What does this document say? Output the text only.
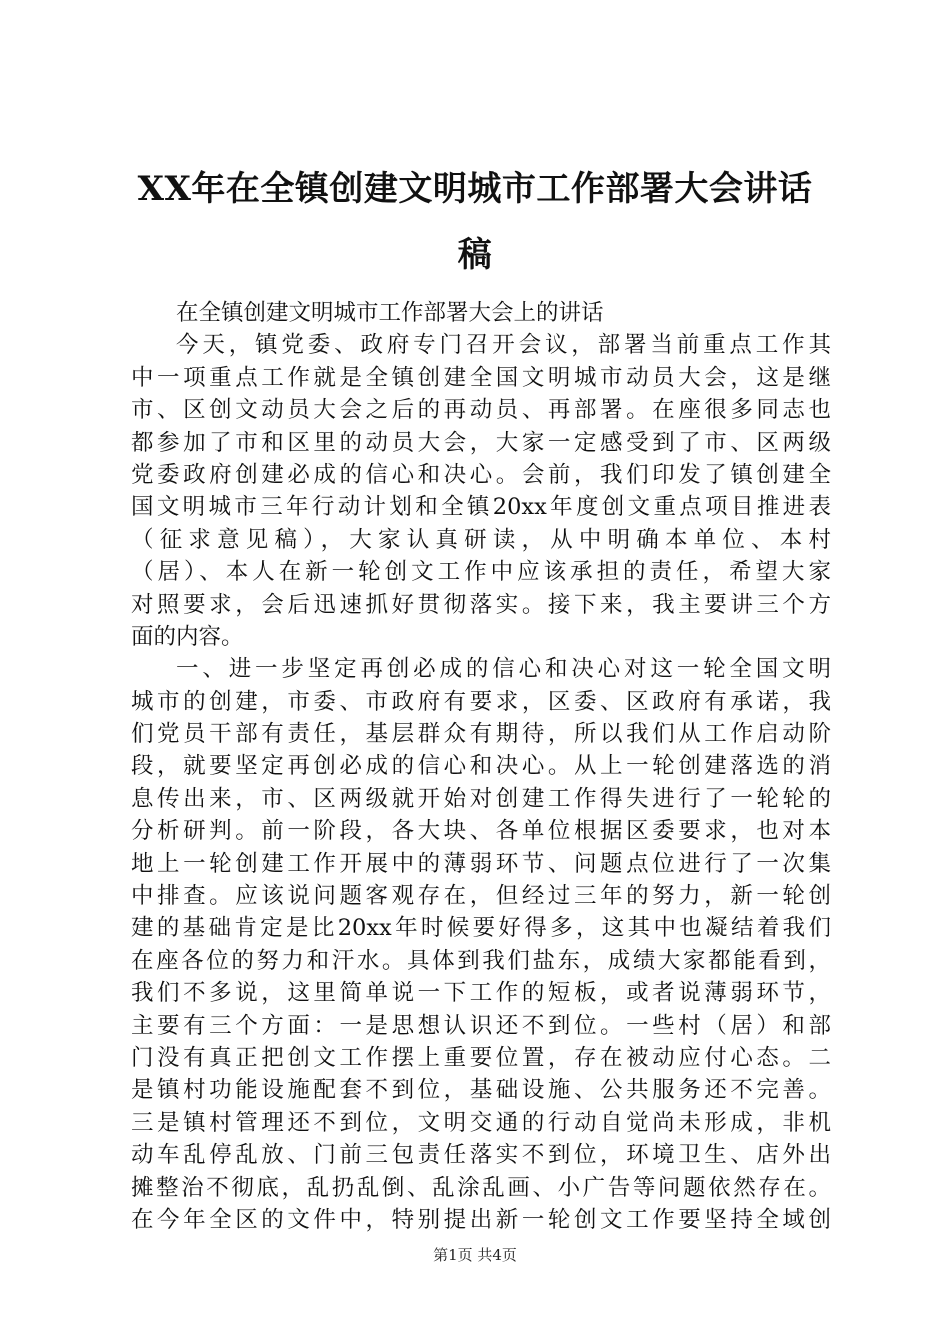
XX年在全镇创建文明城市工作部署大会讲话
稿
在全镇创建文明城市工作部署大会上的讲话
今天，镇党委、政府专门召开会议，部署当前重点工作其
中一项重点工作就是全镇创建全国文明城市动员大会，这是继
市、区创文动员大会之后的再动员、再部署。在座很多同志也
都参加了市和区里的动员大会，大家一定感受到了市、区两级
党委政府创建必成的信心和决心。会前，我们印发了镇创建全
国文明城市三年行动计划和全镇20xx年度创文重点项目推进表
（征求意见稿），大家认真研读，从中明确本单位、本村
（居）、本人在新一轮创文工作中应该承担的责任，希望大家
对照要求，会后迅速抓好贯彻落实。接下来，我主要讲三个方
面的内容。
一、进一步坚定再创必成的信心和决心对这一轮全国文明
城市的创建，市委、市政府有要求，区委、区政府有承诺，我
们党员干部有责任，基层群众有期待，所以我们从工作启动阶
段，就要坚定再创必成的信心和决心。从上一轮创建落选的消
息传出来，市、区两级就开始对创建工作得失进行了一轮轮的
分析研判。前一阶段，各大块、各单位根据区委要求，也对本
地上一轮创建工作开展中的薄弱环节、问题点位进行了一次集
中排查。应该说问题客观存在，但经过三年的努力，新一轮创
建的基础肯定是比20xx年时候要好得多，这其中也凝结着我们
在座各位的努力和汗水。具体到我们盐东，成绩大家都能看到，
我们不多说，这里简单说一下工作的短板，或者说薄弱环节，
主要有三个方面：一是思想认识还不到位。一些村（居）和部
门没有真正把创文工作摆上重要位置，存在被动应付心态。二
是镇村功能设施配套不到位，基础设施、公共服务还不完善。
三是镇村管理还不到位，文明交通的行动自觉尚未形成，非机
动车乱停乱放、门前三包责任落实不到位，环境卫生、店外出
摊整治不彻底，乱扔乱倒、乱涂乱画、小广告等问题依然存在。
在今年全区的文件中，特别提出新一轮创文工作要坚持全域创
第1页 共4页
